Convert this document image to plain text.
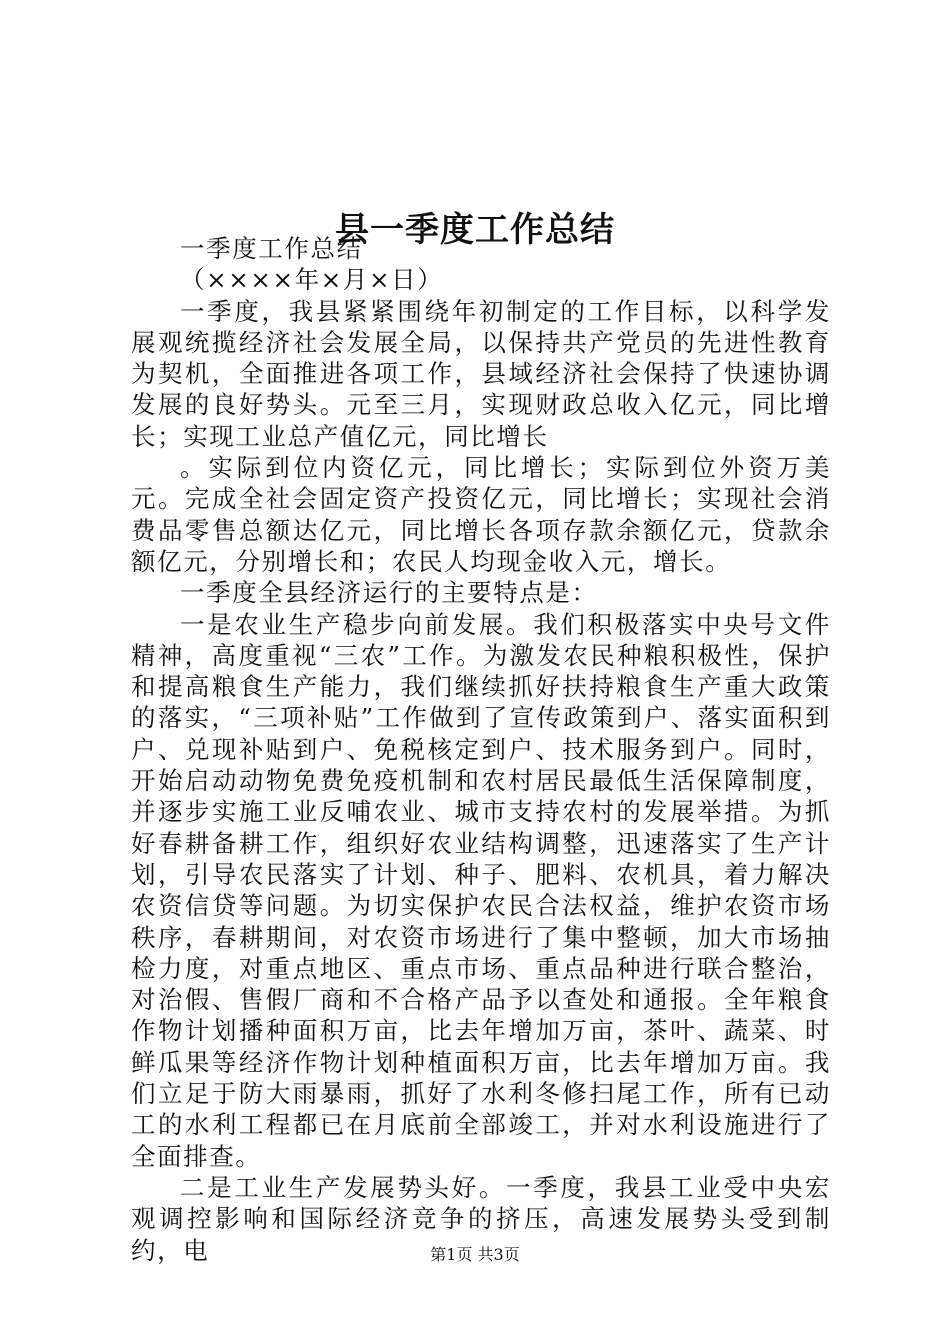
县一季度工作总结

一季度工作总结

（××××年×月×日）

一季度，我县紧紧围绕年初制定的工作目标，以科学发展观统揽经济社会发展全局，以保持共产党员的先进性教育为契机，全面推进各项工作，县域经济社会保持了快速协调发展的良好势头。元至三月，实现财政总收入亿元，同比增长；实现工业总产值亿元，同比增长

。实际到位内资亿元，同比增长；实际到位外资万美元。完成全社会固定资产投资亿元，同比增长；实现社会消费品零售总额达亿元，同比增长各项存款余额亿元，贷款余额亿元，分别增长和；农民人均现金收入元，增长。

一季度全县经济运行的主要特点是：

一是农业生产稳步向前发展。我们积极落实中央号文件精神，高度重视“三农”工作。为激发农民种粮积极性，保护和提高粮食生产能力，我们继续抓好扶持粮食生产重大政策的落实，“三项补贴”工作做到了宣传政策到户、落实面积到户、兑现补贴到户、免税核定到户、技术服务到户。同时，开始启动动物免费免疫机制和农村居民最低生活保障制度，并逐步实施工业反哺农业、城市支持农村的发展举措。为抓好春耕备耕工作，组织好农业结构调整，迅速落实了生产计划，引导农民落实了计划、种子、肥料、农机具，着力解决农资信贷等问题。为切实保护农民合法权益，维护农资市场秩序，春耕期间，对农资市场进行了集中整顿，加大市场抽检力度，对重点地区、重点市场、重点品种进行联合整治，对治假、售假厂商和不合格产品予以查处和通报。全年粮食作物计划播种面积万亩，比去年增加万亩，茶叶、蔬菜、时鲜瓜果等经济作物计划种植面积万亩，比去年增加万亩。我们立足于防大雨暴雨，抓好了水利冬修扫尾工作，所有已动工的水利工程都已在月底前全部竣工，并对水利设施进行了全面排查。

二是工业生产发展势头好。一季度，我县工业受中央宏观调控影响和国际经济竞争的挤压，高速发展势头受到制约，电	第1页 共3页
